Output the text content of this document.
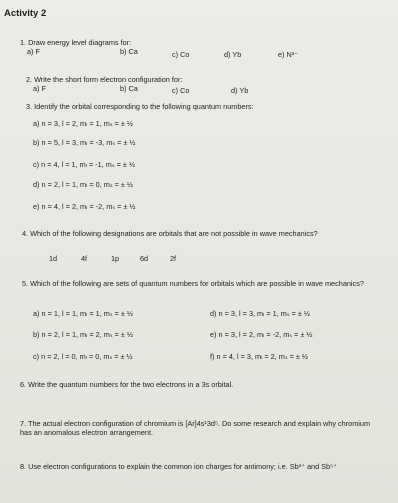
Activity 2
1. Draw energy level diagrams for:
a) F	b) Ca	c) Co	d) Yb	e) N³⁻
2. Write the short form electron configuration for:
a) F	b) Ca	c) Co	d) Yb
3. Identify the orbital corresponding to the following quantum numbers:
a) n = 3, l = 2, mₗ = 1, mₛ = ± ½
b) n = 5, l = 3, mₗ = -3, mₛ = ± ½
c) n = 4, l = 1, mₗ = -1, mₛ = ± ½
d) n = 2, l = 1, mₗ = 0, mₛ = ± ½
e) n = 4, l = 2, mₗ = -2, mₛ = ± ½
4. Which of the following designations are orbitals that are not possible in wave mechanics?
1d	4f	1p	6d	2f
5. Which of the following are sets of quantum numbers for orbitals which are possible in wave mechanics?
a) n = 1, l = 1, mₗ = 1, mₛ = ± ½
b) n = 2, l = 1, mₗ = 2, mₛ = ± ½
c) n = 2, l = 0, mₗ = 0, mₛ = ± ½
d) n = 3, l = 3, mₗ = 1, mₛ = ± ½
e) n = 3, l = 2, mₗ = -2, mₛ = ± ½
f) n = 4, l = 3, mₗ = 2, mₛ = ± ½
6. Write the quantum numbers for the two electrons in a 3s orbital.
7. The actual electron configuration of chromium is [Ar]4s¹3d⁵. Do some research and explain why chromium has an anomalous electron arrangement.
8. Use electron configurations to explain the common ion charges for antimony; i.e. Sb³⁺ and Sb⁵⁺
